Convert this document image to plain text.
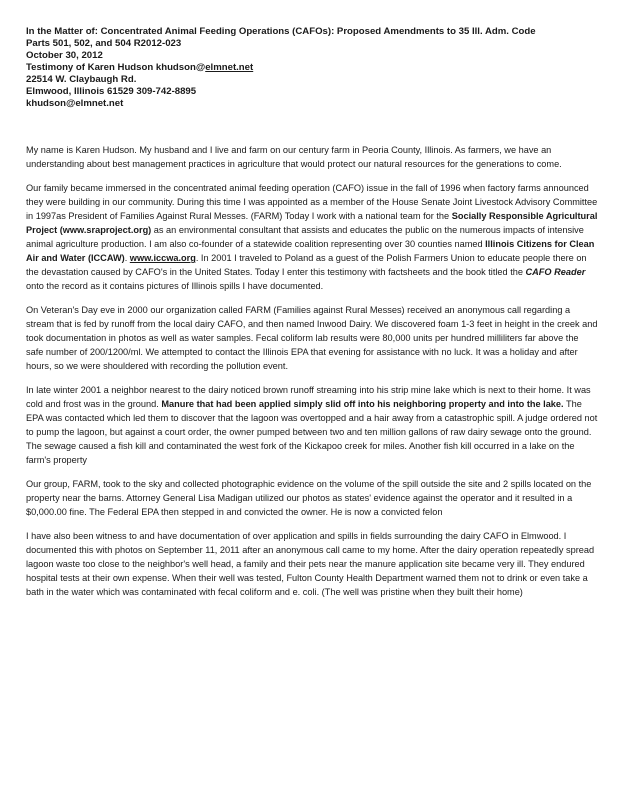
In the Matter of: Concentrated Animal Feeding Operations (CAFOs): Proposed Amendments to 35 Ill. Adm. Code

Parts 501, 502, and 504 R2012-023

October 30, 2012

Testimony of Karen Hudson khudson@elmnet.net

22514 W. Claybaugh Rd.

Elmwood, Illinois 61529 309-742-8895

khudson@elmnet.net

My name is Karen Hudson. My husband and I live and farm on our century farm in Peoria County, Illinois. As farmers, we have an understanding about best management practices in agriculture that would protect our natural resources for the generations to come.

Our family became immersed in the concentrated animal feeding operation (CAFO) issue in the fall of 1996 when factory farms announced they were building in our community. During this time I was appointed as a member of the House Senate Joint Livestock Advisory Committee in 1997as President of Families Against Rural Messes. (FARM) Today I work with a national team for the Socially Responsible Agricultural Project (www.sraproject.org) as an environmental consultant that assists and educates the public on the numerous impacts of intensive animal agriculture production. I am also co-founder of a statewide coalition representing over 30 counties named Illinois Citizens for Clean Air and Water (ICCAW). www.iccwa.org. In 2001 I traveled to Poland as a guest of the Polish Farmers Union to educate people there on the devastation caused by CAFO's in the United States. Today I enter this testimony with factsheets and the book titled the CAFO Reader onto the record as it contains pictures of Illinois spills I have documented.

On Veteran's Day eve in 2000 our organization called FARM (Families against Rural Messes) received an anonymous call regarding a stream that is fed by runoff from the local dairy CAFO, and then named Inwood Dairy. We discovered foam 1-3 feet in height in the creek and took documentation in photos as well as water samples. Fecal coliform lab results were 80,000 units per hundred milliliters far above the safe number of 200/1200/ml. We attempted to contact the Illinois EPA that evening for assistance with no luck. It was a holiday and after hours, so we were shouldered with recording the pollution event.

In late winter 2001 a neighbor nearest to the dairy noticed brown runoff streaming into his strip mine lake which is next to their home. It was cold and frost was in the ground. Manure that had been applied simply slid off into his neighboring property and into the lake. The EPA was contacted which led them to discover that the lagoon was overtopped and a hair away from a catastrophic spill. A judge ordered not to pump the lagoon, but against a court order, the owner pumped between two and ten million gallons of raw dairy sewage onto the ground. The sewage caused a fish kill and contaminated the west fork of the Kickapoo creek for miles. Another fish kill occurred in a lake on the farm's property

Our group, FARM, took to the sky and collected photographic evidence on the volume of the spill outside the site and 2 spills located on the property near the barns. Attorney General Lisa Madigan utilized our photos as states' evidence against the operator and it resulted in a $0,000.00 fine. The Federal EPA then stepped in and convicted the owner. He is now a convicted felon

I have also been witness to and have documentation of over application and spills in fields surrounding the dairy CAFO in Elmwood. I documented this with photos on September 11, 2011 after an anonymous call came to my home. After the dairy operation repeatedly spread lagoon waste too close to the neighbor's well head, a family and their pets near the manure application site became very ill. They endured hospital tests at their own expense. When their well was tested, Fulton County Health Department warned them not to drink or even take a bath in the water which was contaminated with fecal coliform and e. coli. (The well was pristine when they built their home)
